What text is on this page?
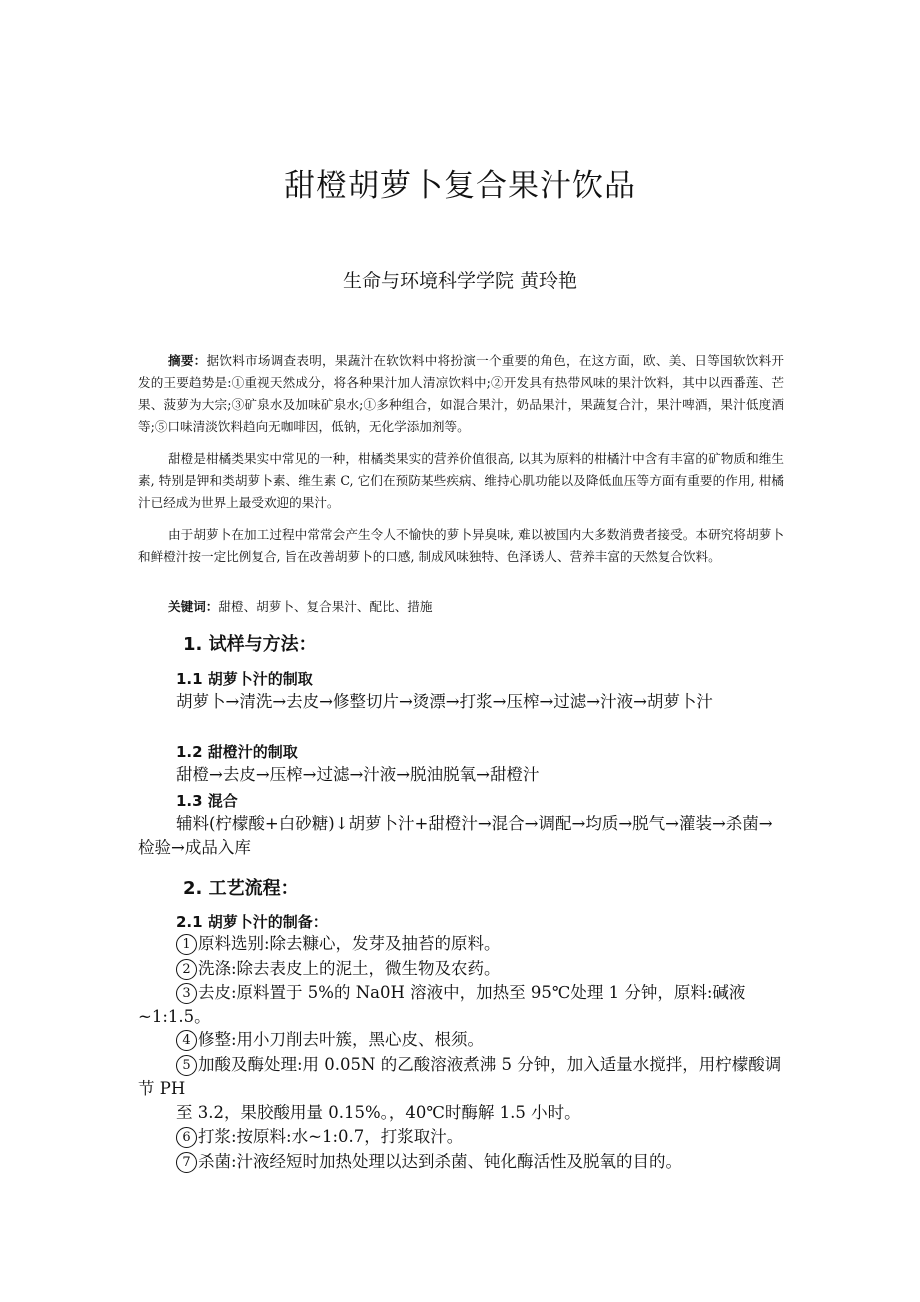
甜橙胡萝卜复合果汁饮品
生命与环境科学学院 黄玲艳

摘要：据饮料市场调查表明，果蔬汁在软饮料中将扮演一个重要的角色，在这方面，欧、美、日等国软饮料开发的王要趋势是:①重视天然成分，将各种果汁加人清凉饮料中;②开发具有热带风味的果汁饮料，其中以西番莲、芒果、菠萝为大宗;③矿泉水及加味矿泉水;①多种组合，如混合果汁，奶品果汁，果蔬复合汁，果汁啤酒，果汁低度酒等;⑤口味清淡饮料趋向无咖啡因，低钠，无化学添加剂等。

甜橙是柑橘类果实中常见的一种，柑橘类果实的营养价值很高, 以其为原料的柑橘汁中含有丰富的矿物质和维生素, 特别是钾和类胡萝卜素、维生素 C, 它们在预防某些疾病、维持心肌功能以及降低血压等方面有重要的作用, 柑橘汁已经成为世界上最受欢迎的果汁。

由于胡萝卜在加工过程中常常会产生令人不愉快的萝卜异臭味, 难以被国内大多数消费者接受。本研究将胡萝卜和鲜橙汁按一定比例复合, 旨在改善胡萝卜的口感, 制成风味独特、色泽诱人、营养丰富的天然复合饮料。

关键词：甜橙、胡萝卜、复合果汁、配比、措施

1. 试样与方法：
1.1 胡萝卜汁的制取

胡萝卜→清洗→去皮→修整切片→烫漂→打浆→压榨→过滤→汁液→胡萝卜汁

1.2 甜橙汁的制取

甜橙→去皮→压榨→过滤→汁液→脱油脱氧→甜橙汁

1.3 混合

辅料(柠檬酸+白砂糖)↓胡萝卜汁+甜橙汁→混合→调配→均质→脱气→灌装→杀菌→检验→成品入库

2. 工艺流程：
2.1 胡萝卜汁的制备：

1 原料选别:除去糠心，发芽及抽苔的原料。

2 洗涤:除去表皮上的泥土，微生物及农药。

3 去皮:原料置于 5%的 Na0H 溶液中，加热至 95℃处理 1 分钟，原料:碱液~1:1.5。

4 修整:用小刀削去叶簇，黑心皮、根须。

5 加酸及酶处理:用 0.05N 的乙酸溶液煮沸 5 分钟，加入适量水搅拌，用柠檬酸调节 PH

至 3.2，果胶酸用量 0.15%。，40℃时酶解 1.5 小时。

6 打浆:按原料:水~1:0.7，打浆取汁。

7 杀菌:汁液经短时加热处理以达到杀菌、钝化酶活性及脱氧的目的。
